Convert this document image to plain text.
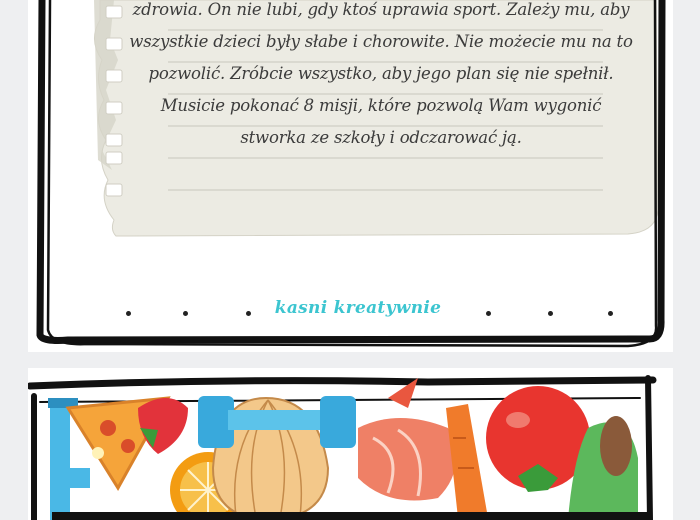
zdrowia. On nie lubi, gdy ktoś uprawia sport. Zależy mu, aby
wszystkie dzieci były słabe i chorowite. Nie możecie mu na to
pozwolić. Zróbcie wszystko, aby jego plan się nie spełnił.
Musicie pokonać 8 misji, które pozwolą Wam wygonić
stworka ze szkoły i odczarować ją.
kasni kreatywnie
